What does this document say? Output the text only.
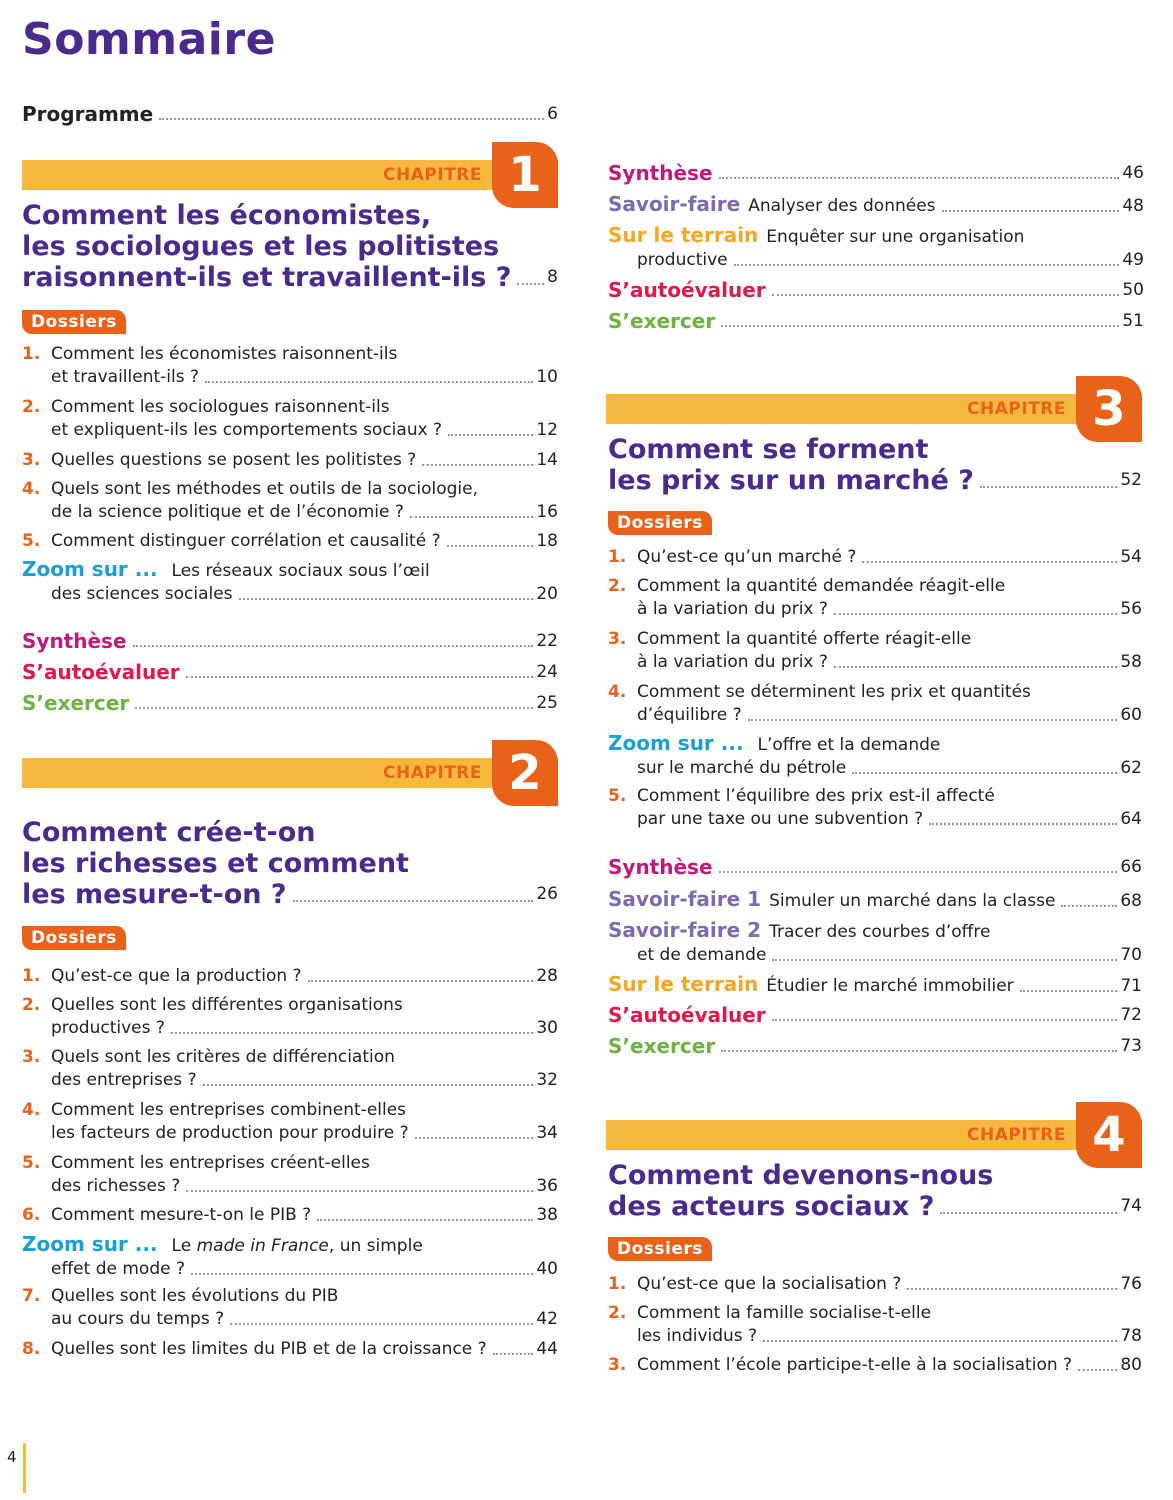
Sommaire
Programme	6
CHAPITRE 1
Comment les économistes,
les sociologues et les politistes
raisonnent-ils et travaillent-ils ? 8
Dossiers
1. Comment les économistes raisonnent-ils
et travaillent-ils ?	10
2. Comment les sociologues raisonnent-ils
et expliquent-ils les comportements sociaux ?	12
3. Quelles questions se posent les politistes ?	14
4. Quels sont les méthodes et outils de la sociologie,
de la science politique et de l’économie ?	16
5. Comment distinguer corrélation et causalité ?	18
Zoom sur ... Les réseaux sociaux sous l’œil
des sciences sociales	20
Synthèse	22
S’autoévaluer	24
S’exercer	25
CHAPITRE 2
Comment crée-t-on
les richesses et comment
les mesure-t-on ?	26
Dossiers
1. Qu’est-ce que la production ?	28
2. Quelles sont les différentes organisations
productives ?	30
3. Quels sont les critères de différenciation
des entreprises ?	32
4. Comment les entreprises combinent-elles
les facteurs de production pour produire ?	34
5. Comment les entreprises créent-elles
des richesses ?	36
6. Comment mesure-t-on le PIB ?	38
Zoom sur ... Le made in France, un simple
effet de mode ?	40
7. Quelles sont les évolutions du PIB
au cours du temps ?	42
8. Quelles sont les limites du PIB et de la croissance ?	44
Synthèse	46
Savoir-faire Analyser des données	48
Sur le terrain Enquêter sur une organisation
productive	49
S’autoévaluer	50
S’exercer	51
CHAPITRE 3
Comment se forment
les prix sur un marché ?	52
Dossiers
1. Qu’est-ce qu’un marché ?	54
2. Comment la quantité demandée réagit-elle
à la variation du prix ?	56
3. Comment la quantité offerte réagit-elle
à la variation du prix ?	58
4. Comment se déterminent les prix et quantités
d’équilibre ?	60
Zoom sur ... L’offre et la demande
sur le marché du pétrole	62
5. Comment l’équilibre des prix est-il affecté
par une taxe ou une subvention ?	64
Synthèse	66
Savoir-faire 1 Simuler un marché dans la classe	68
Savoir-faire 2 Tracer des courbes d’offre
et de demande	70
Sur le terrain Étudier le marché immobilier	71
S’autoévaluer	72
S’exercer	73
CHAPITRE 4
Comment devenons-nous
des acteurs sociaux ?	74
Dossiers
1. Qu’est-ce que la socialisation ?	76
2. Comment la famille socialise-t-elle
les individus ?	78
3. Comment l’école participe-t-elle à la socialisation ?	80
4
